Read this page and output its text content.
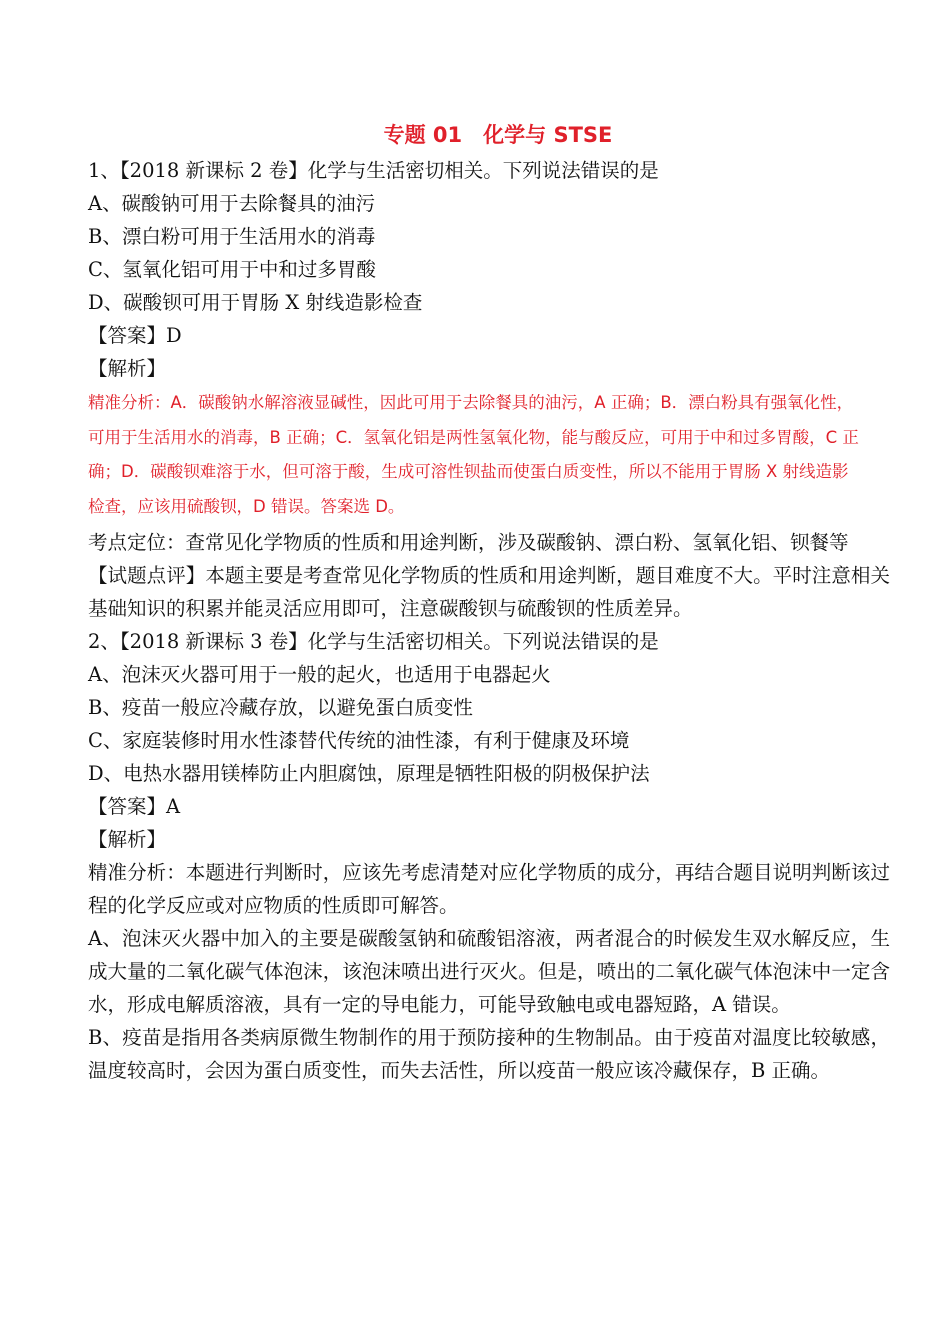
专题 01　化学与 STSE
1、【2018 新课标 2 卷】化学与生活密切相关。下列说法错误的是
A、碳酸钠可用于去除餐具的油污
B、漂白粉可用于生活用水的消毒
C、氢氧化铝可用于中和过多胃酸
D、碳酸钡可用于胃肠 X 射线造影检查
【答案】D
【解析】

精准分析：A．碳酸钠水解溶液显碱性，因此可用于去除餐具的油污，A 正确；B．漂白粉具有强氧化性，

可用于生活用水的消毒，B 正确；C．氢氧化铝是两性氢氧化物，能与酸反应，可用于中和过多胃酸，C 正

确；D．碳酸钡难溶于水，但可溶于酸，生成可溶性钡盐而使蛋白质变性，所以不能用于胃肠 X 射线造影

检查，应该用硫酸钡，D 错误。答案选 D。

考点定位：查常见化学物质的性质和用途判断，涉及碳酸钠、漂白粉、氢氧化铝、钡餐等
【试题点评】本题主要是考查常见化学物质的性质和用途判断，题目难度不大。平时注意相关基础知识的积累并能灵活应用即可，注意碳酸钡与硫酸钡的性质差异。
2、【2018 新课标 3 卷】化学与生活密切相关。下列说法错误的是
A、泡沫灭火器可用于一般的起火，也适用于电器起火
B、疫苗一般应冷藏存放，以避免蛋白质变性
C、家庭装修时用水性漆替代传统的油性漆，有利于健康及环境
D、电热水器用镁棒防止内胆腐蚀，原理是牺牲阳极的阴极保护法
【答案】A
【解析】
精准分析：本题进行判断时，应该先考虑清楚对应化学物质的成分，再结合题目说明判断该过程的化学反应或对应物质的性质即可解答。
A、泡沫灭火器中加入的主要是碳酸氢钠和硫酸铝溶液，两者混合的时候发生双水解反应，生成大量的二氧化碳气体泡沫，该泡沫喷出进行灭火。但是，喷出的二氧化碳气体泡沫中一定含水，形成电解质溶液，具有一定的导电能力，可能导致触电或电器短路，A 错误。
B、疫苗是指用各类病原微生物制作的用于预防接种的生物制品。由于疫苗对温度比较敏感，温度较高时，会因为蛋白质变性，而失去活性，所以疫苗一般应该冷藏保存，B 正确。
